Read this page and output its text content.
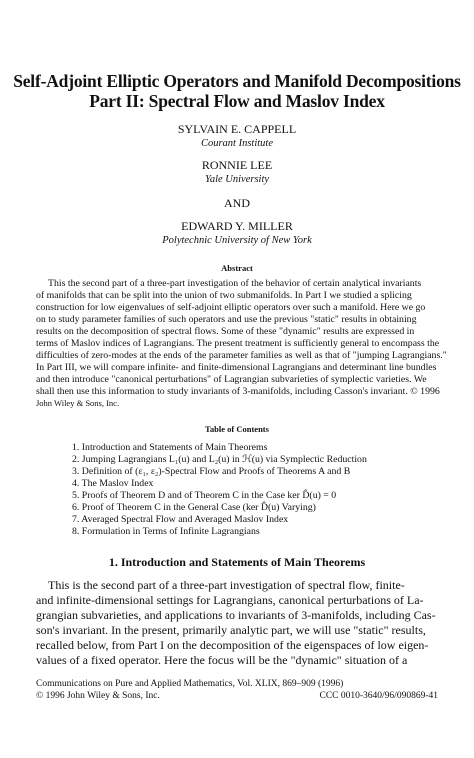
Self-Adjoint Elliptic Operators and Manifold Decompositions
Part II: Spectral Flow and Maslov Index
SYLVAIN E. CAPPELL
Courant Institute
RONNIE LEE
Yale University
AND
EDWARD Y. MILLER
Polytechnic University of New York
Abstract
This the second part of a three-part investigation of the behavior of certain analytical invariants
of manifolds that can be split into the union of two submanifolds. In Part I we studied a splicing
construction for low eigenvalues of self-adjoint elliptic operators over such a manifold. Here we go
on to study parameter families of such operators and use the previous "static" results in obtaining
results on the decomposition of spectral flows. Some of these "dynamic" results are expressed in
terms of Maslov indices of Lagrangians. The present treatment is sufficiently general to encompass the
difficulties of zero-modes at the ends of the parameter families as well as that of "jumping Lagrangians."
In Part III, we will compare infinite- and finite-dimensional Lagrangians and determinant line bundles
and then introduce "canonical perturbations" of Lagrangian subvarieties of symplectic varieties. We
shall then use this information to study invariants of 3-manifolds, including Casson's invariant. © 1996
John Wiley & Sons, Inc.
Table of Contents
1. Introduction and Statements of Main Theorems
2. Jumping Lagrangians L₁(u) and L₂(u) in ℋ(u) via Symplectic Reduction
3. Definition of (ε₁, ε₂)-Spectral Flow and Proofs of Theorems A and B
4. The Maslov Index
5. Proofs of Theorem D and of Theorem C in the Case ker D̂(u) = 0
6. Proof of Theorem C in the General Case (ker D̂(u) Varying)
7. Averaged Spectral Flow and Averaged Maslov Index
8. Formulation in Terms of Infinite Lagrangians
1. Introduction and Statements of Main Theorems
This is the second part of a three-part investigation of spectral flow, finite-
and infinite-dimensional settings for Lagrangians, canonical perturbations of La-
grangian subvarieties, and applications to invariants of 3-manifolds, including Cas-
son's invariant. In the present, primarily analytic part, we will use "static" results,
recalled below, from Part I on the decomposition of the eigenspaces of low eigen-
values of a fixed operator. Here the focus will be the "dynamic" situation of a
Communications on Pure and Applied Mathematics, Vol. XLIX, 869–909 (1996)
© 1996 John Wiley & Sons, Inc.	CCC 0010-3640/96/090869-41
